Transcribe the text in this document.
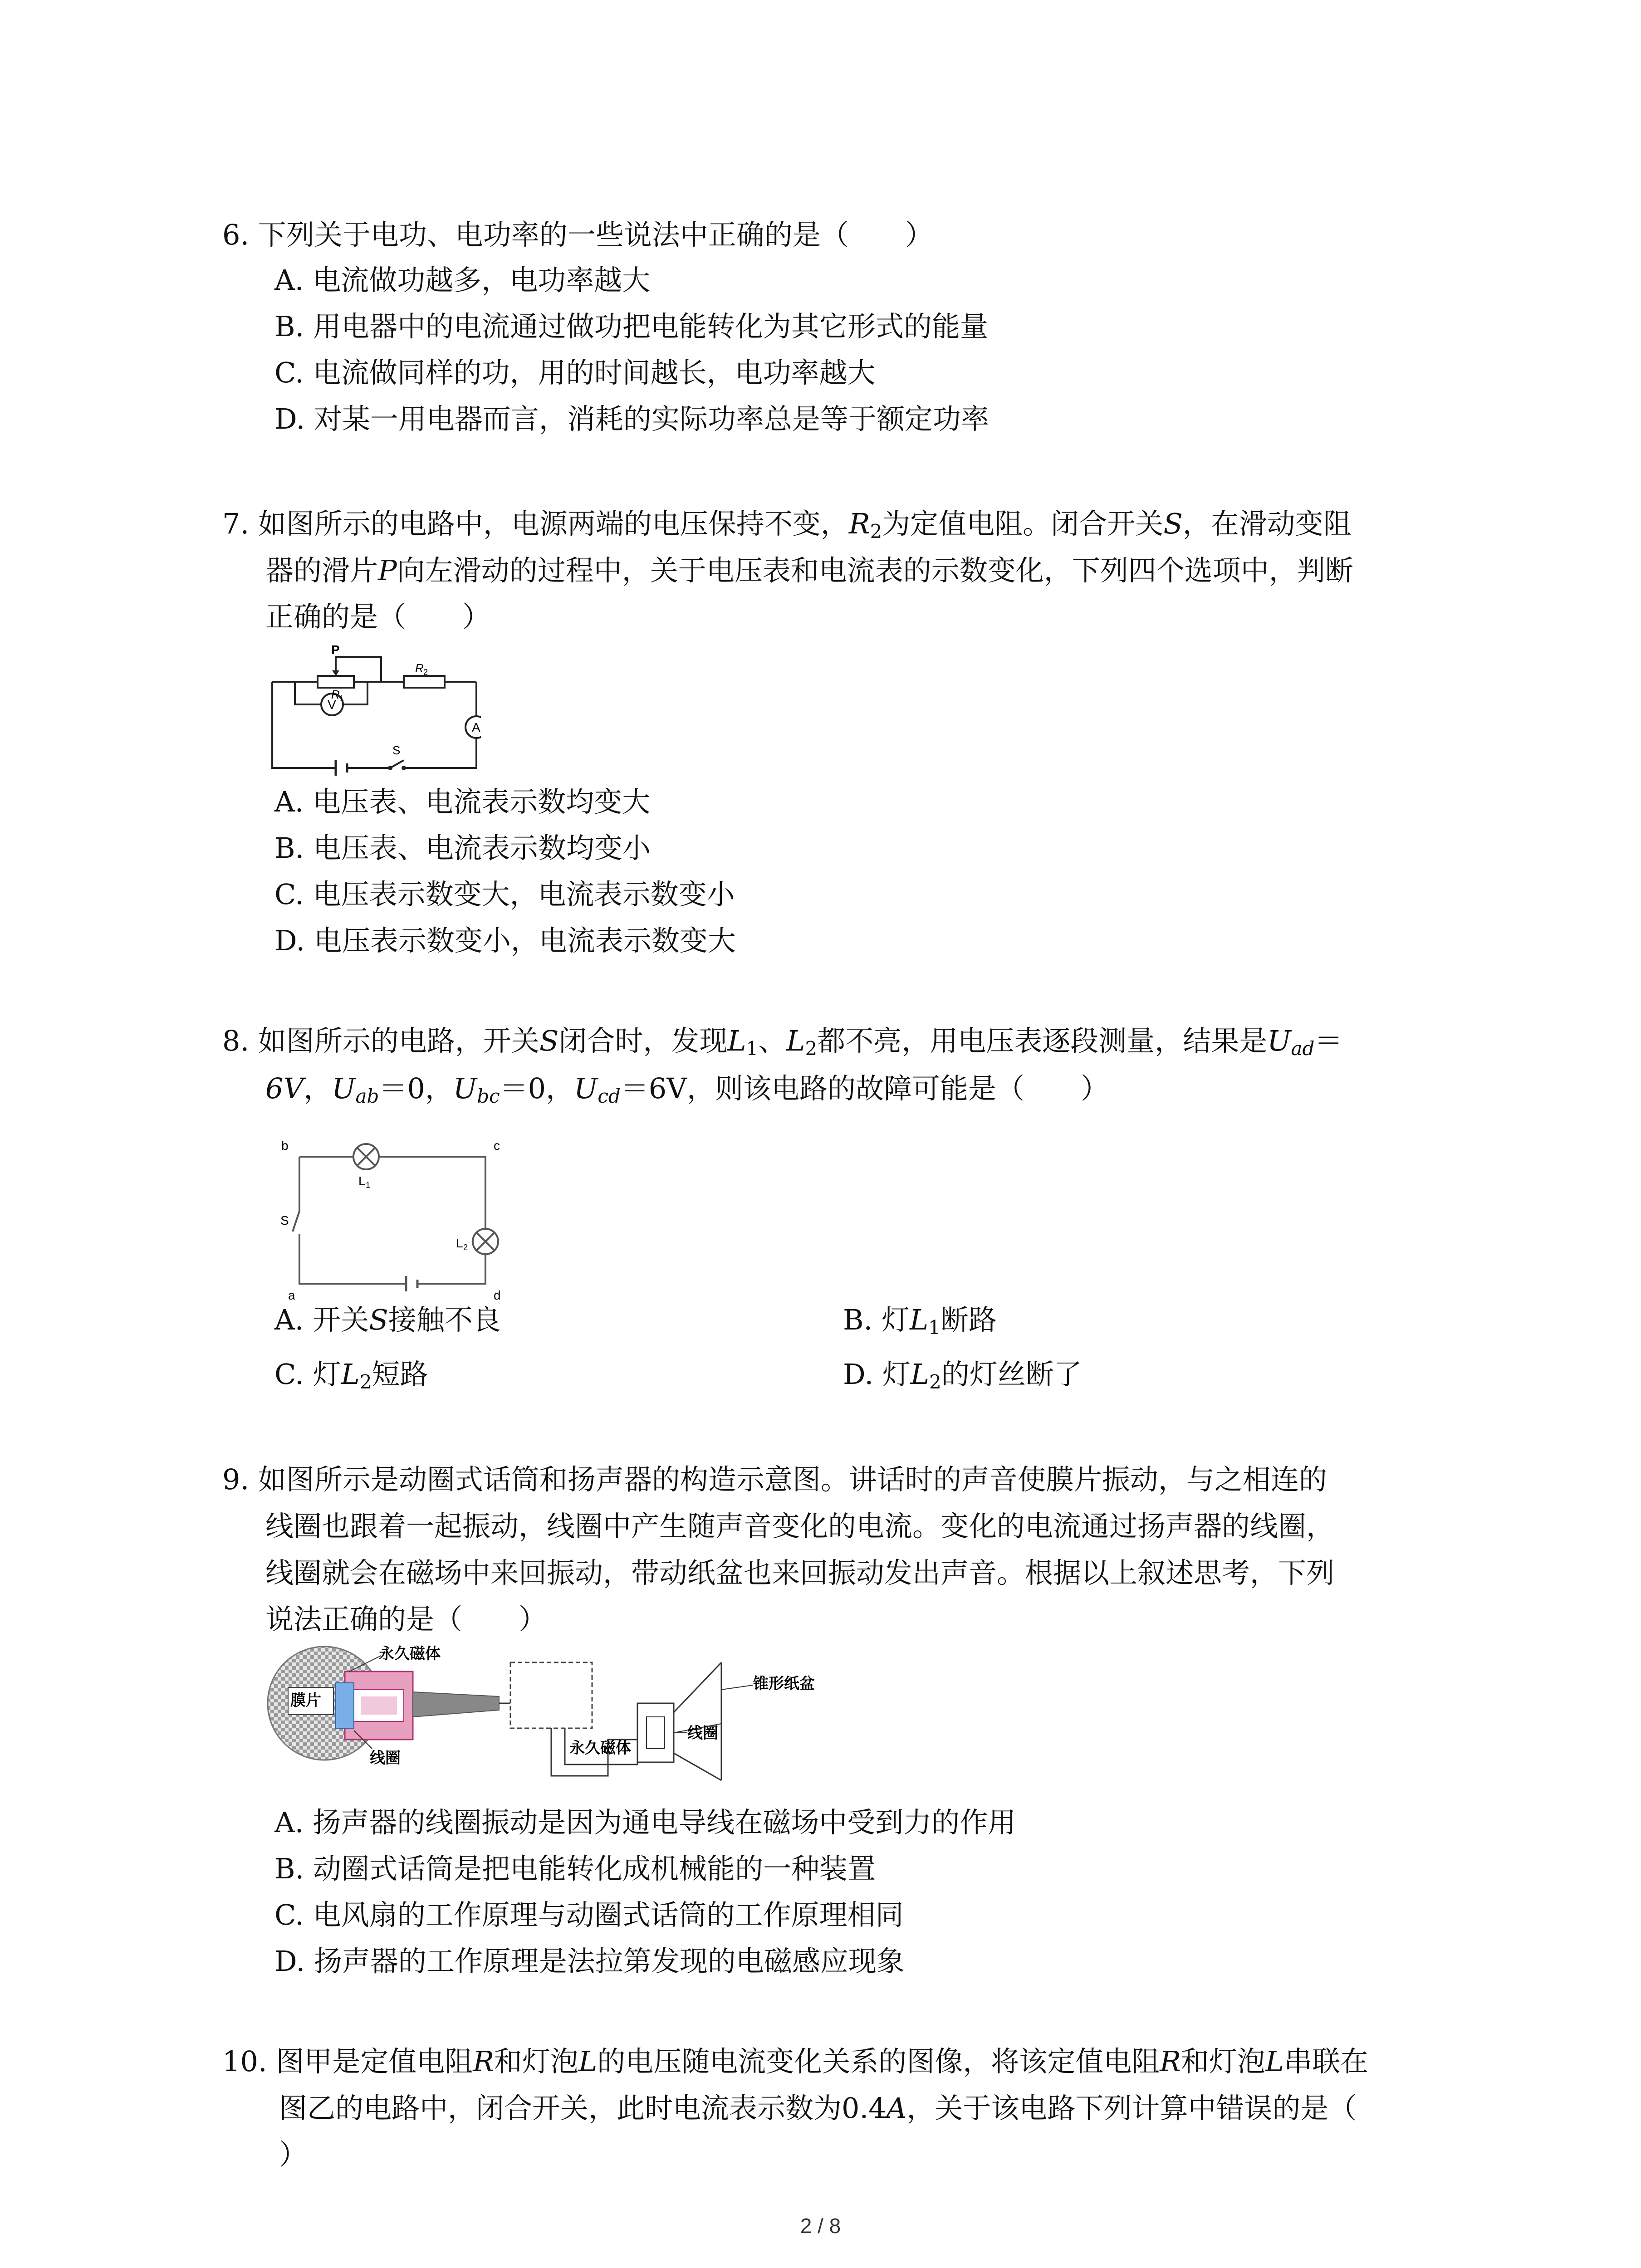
6. 下列关于电功、电功率的一些说法中正确的是（　　）
A. 电流做功越多，电功率越大
B. 用电器中的电流通过做功把电能转化为其它形式的能量
C. 电流做同样的功，用的时间越长，电功率越大
D. 对某一用电器而言，消耗的实际功率总是等于额定功率
7. 如图所示的电路中，电源两端的电压保持不变，$R_2$为定值电阻。闭合开关S，在滑动变阻
器的滑片P向左滑动的过程中，关于电压表和电流表的示数变化，下列四个选项中，判断
正确的是（　　）
P
R 1
R 2
V
A
S
A. 电压表、电流表示数均变大
B. 电压表、电流表示数均变小
C. 电压表示数变大，电流表示数变小
D. 电压表示数变小，电流表示数变大
8. 如图所示的电路，开关S闭合时，发现$L_1$、$L_2$都不亮，用电压表逐段测量，结果是$U_{ad}=$
6V，$U_{ab}=0$，$U_{bc}=0$，$U_{cd}=6V$，则该电路的故障可能是（　　）
b	c
a	d
S
L 1
L 2
A. 开关S接触不良	B. 灯$L_1$断路
C. 灯$L_2$短路	D. 灯$L_2$的灯丝断了
9. 如图所示是动圈式话筒和扬声器的构造示意图。讲话时的声音使膜片振动，与之相连的
线圈也跟着一起振动，线圈中产生随声音变化的电流。变化的电流通过扬声器的线圈，
线圈就会在磁场中来回振动，带动纸盆也来回振动发出声音。根据以上叙述思考，下列
说法正确的是（　　）
膜片
永久磁体
线圈
永久磁体
线圈
锥形纸盆
A. 扬声器的线圈振动是因为通电导线在磁场中受到力的作用
B. 动圈式话筒是把电能转化成机械能的一种装置
C. 电风扇的工作原理与动圈式话筒的工作原理相同
D. 扬声器的工作原理是法拉第发现的电磁感应现象
10. 图甲是定值电阻R和灯泡L的电压随电流变化关系的图像，将该定值电阻R和灯泡L串联在
图乙的电路中，闭合开关，此时电流表示数为0.4A，关于该电路下列计算中错误的是（
）
2 / 8
